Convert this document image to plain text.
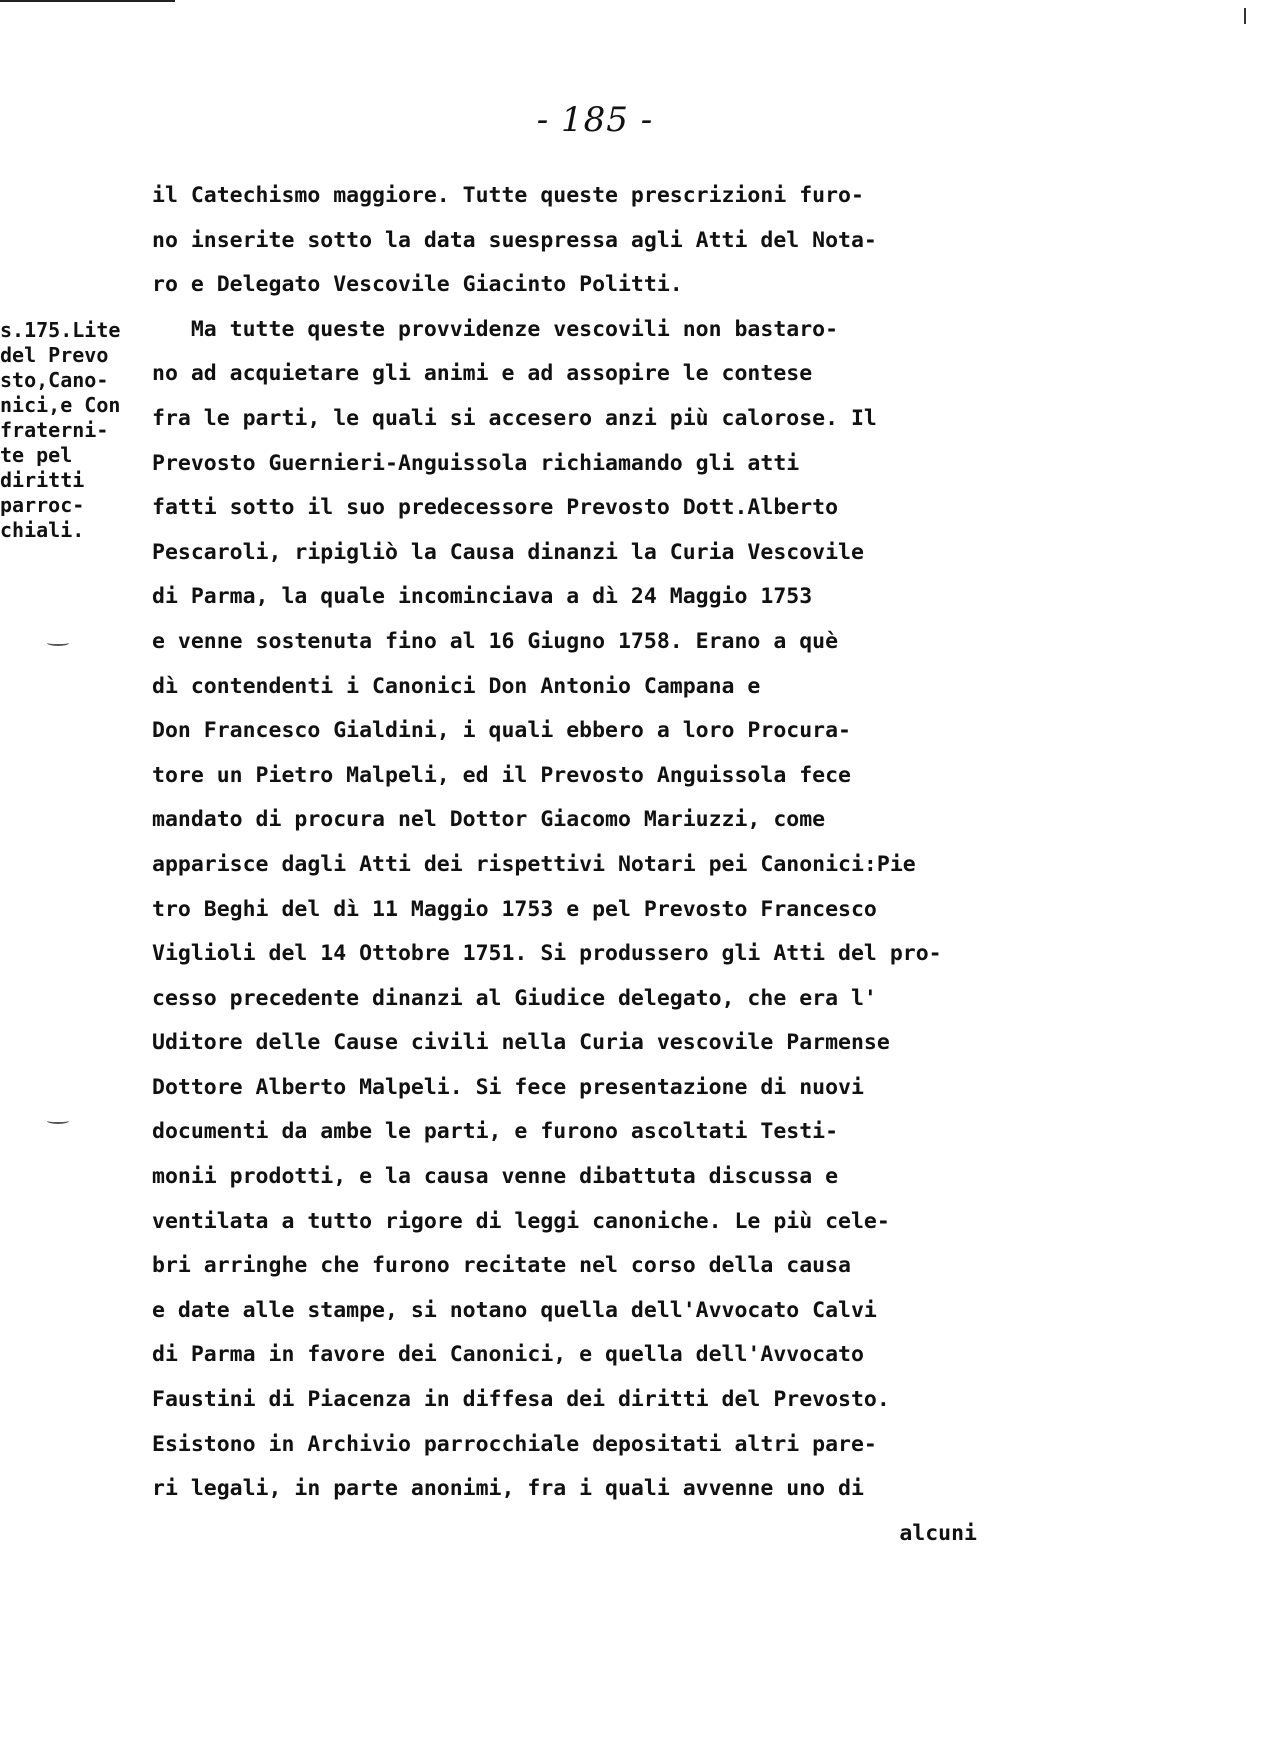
- 185 -
s.175.Lite
del Prevo
sto,Cano-
nici,e Con
fraterni-
te pel
diritti
parroc-
chiali.
il Catechismo maggiore. Tutte queste prescrizioni furo-
no inserite sotto la data suespressa agli Atti del Nota-
ro e Delegato Vescovile Giacinto Politti.
Ma tutte queste provvidenze vescovili non bastaro-
no ad acquietare gli animi e ad assopire le contese
fra le parti, le quali si accesero anzi più calorose. Il
Prevosto Guernieri-Anguissola richiamando gli atti
fatti sotto il suo predecessore Prevosto Dott.Alberto
Pescaroli, ripigliò la Causa dinanzi la Curia Vescovile
di Parma, la quale incominciava a dì 24 Maggio 1753
e venne sostenuta fino al 16 Giugno 1758. Erano a què
dì contendenti i Canonici Don Antonio Campana e
Don Francesco Gialdini, i quali ebbero a loro Procura-
tore un Pietro Malpeli, ed il Prevosto Anguissola fece
mandato di procura nel Dottor Giacomo Mariuzzi, come
apparisce dagli Atti dei rispettivi Notari pei Canonici:Pie
tro Beghi del dì 11 Maggio 1753 e pel Prevosto Francesco
Viglioli del 14 Ottobre 1751. Si produssero gli Atti del pro-
cesso precedente dinanzi al Giudice delegato, che era l'
Uditore delle Cause civili nella Curia vescovile Parmense
Dottore Alberto Malpeli. Si fece presentazione di nuovi
documenti da ambe le parti, e furono ascoltati Testi-
monii prodotti, e la causa venne dibattuta discussa e
ventilata a tutto rigore di leggi canoniche. Le più cele-
bri arringhe che furono recitate nel corso della causa
e date alle stampe, si notano quella dell'Avvocato Calvi
di Parma in favore dei Canonici, e quella dell'Avvocato
Faustini di Piacenza in diffesa dei diritti del Prevosto.
Esistono in Archivio parrocchiale depositati altri pare-
ri legali, in parte anonimi, fra i quali avvenne uno di
alcuni
